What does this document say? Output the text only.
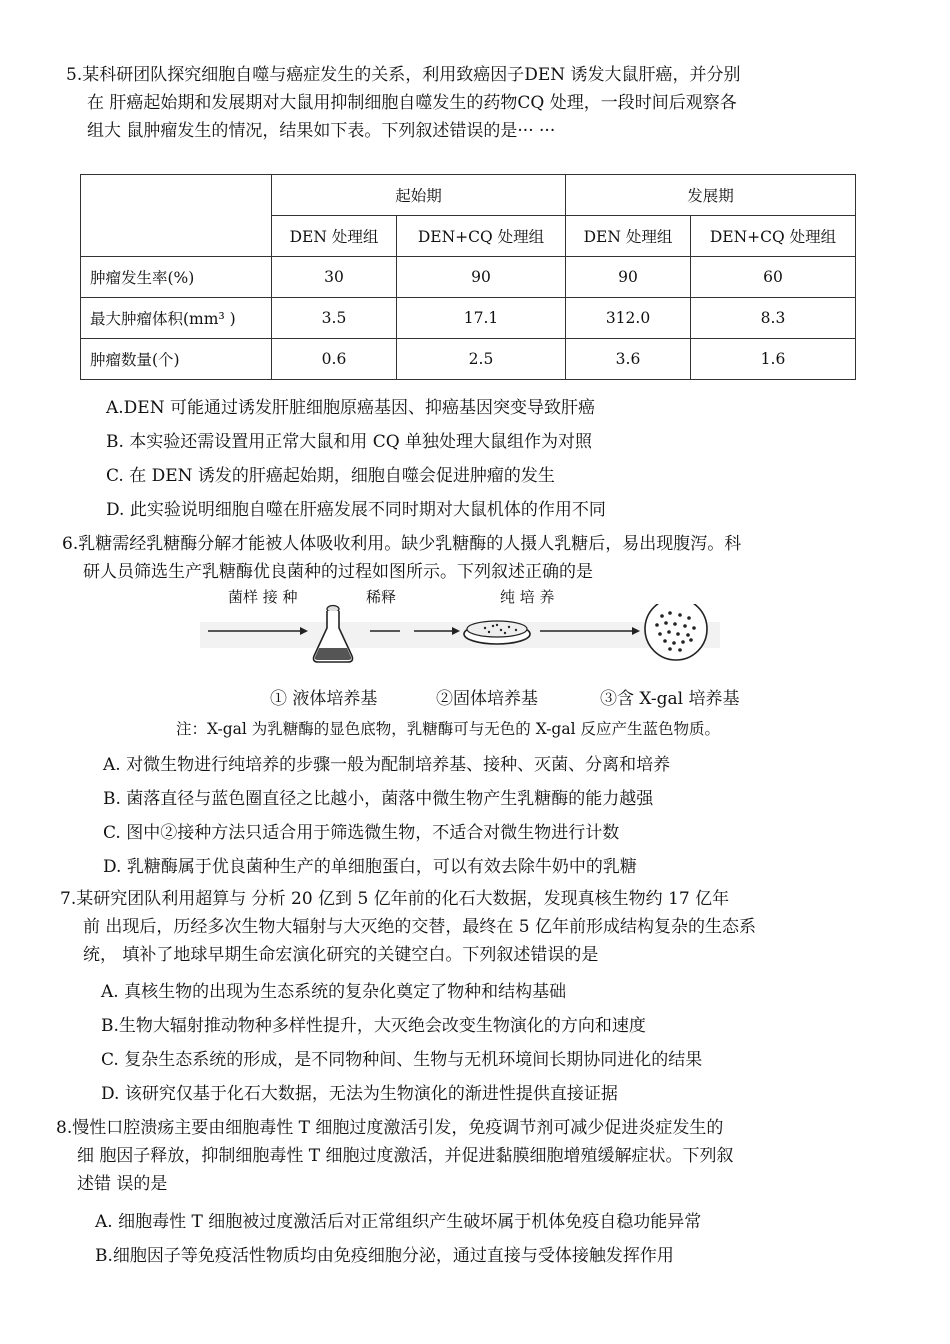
5.某科研团队探究细胞自噬与癌症发生的关系，利用致癌因子DEN 诱发大鼠肝癌，并分别
在 肝癌起始期和发展期对大鼠用抑制细胞自噬发生的药物CQ 处理，一段时间后观察各
组大 鼠肿瘤发生的情况，结果如下表。下列叙述错误的是··· ···
	起始期		发展期	
	DEN 处理组	DEN+CQ 处理组	DEN 处理组	DEN+CQ 处理组
肿瘤发生率(%)	30	90	90	60
最大肿瘤体积(mm³ )	3.5	17.1	312.0	8.3
肿瘤数量(个)	0.6	2.5	3.6	1.6
A.DEN 可能通过诱发肝脏细胞原癌基因、抑癌基因突变导致肝癌
B. 本实验还需设置用正常大鼠和用 CQ 单独处理大鼠组作为对照
C. 在 DEN 诱发的肝癌起始期，细胞自噬会促进肿瘤的发生
D. 此实验说明细胞自噬在肝癌发展不同时期对大鼠机体的作用不同
6.乳糖需经乳糖酶分解才能被人体吸收利用。缺少乳糖酶的人摄人乳糖后，易出现腹泻。科
研人员筛选生产乳糖酶优良菌种的过程如图所示。下列叙述正确的是
菌样 接 种	稀释	纯 培 养
① 液体培养基	②固体培养基	③含 X-gal 培养基
注：X-gal 为乳糖酶的显色底物，乳糖酶可与无色的 X-gal 反应产生蓝色物质。
A. 对微生物进行纯培养的步骤一般为配制培养基、接种、灭菌、分离和培养
B. 菌落直径与蓝色圈直径之比越小，菌落中微生物产生乳糖酶的能力越强
C. 图中②接种方法只适合用于筛选微生物，不适合对微生物进行计数
D. 乳糖酶属于优良菌种生产的单细胞蛋白，可以有效去除牛奶中的乳糖
7.某研究团队利用超算与 分析 20 亿到 5 亿年前的化石大数据，发现真核生物约 17 亿年
前 出现后，历经多次生物大辐射与大灭绝的交替，最终在 5 亿年前形成结构复杂的生态系
统， 填补了地球早期生命宏演化研究的关键空白。下列叙述错误的是
A. 真核生物的出现为生态系统的复杂化奠定了物种和结构基础
B.生物大辐射推动物种多样性提升，大灭绝会改变生物演化的方向和速度
C. 复杂生态系统的形成，是不同物种间、生物与无机环境间长期协同进化的结果
D. 该研究仅基于化石大数据，无法为生物演化的渐进性提供直接证据
8.慢性口腔溃疡主要由细胞毒性 T 细胞过度激活引发，免疫调节剂可减少促进炎症发生的
细 胞因子释放，抑制细胞毒性 T 细胞过度激活，并促进黏膜细胞增殖缓解症状。下列叙
述错 误的是
A. 细胞毒性 T 细胞被过度激活后对正常组织产生破坏属于机体免疫自稳功能异常
B.细胞因子等免疫活性物质均由免疫细胞分泌，通过直接与受体接触发挥作用
